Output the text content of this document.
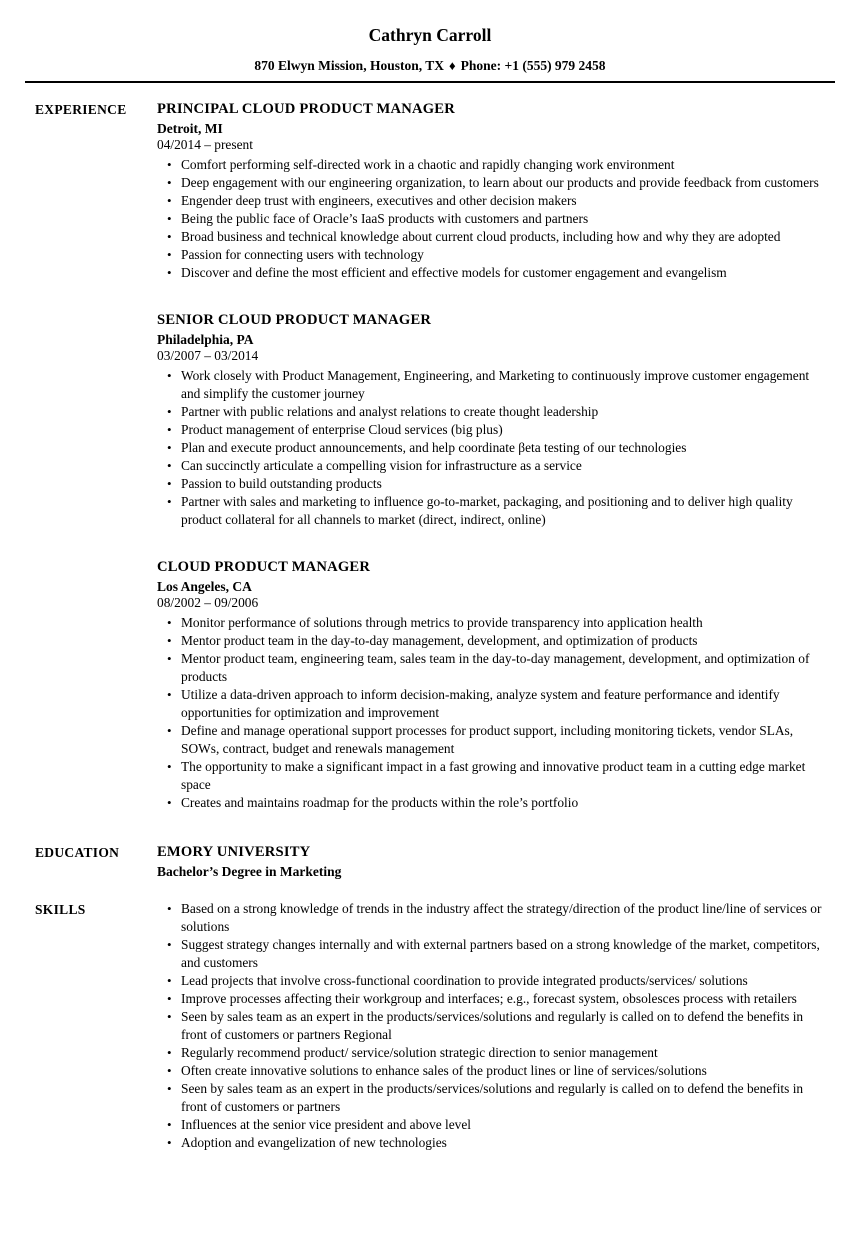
Cathryn Carroll
870 Elwyn Mission, Houston, TX ♦ Phone: +1 (555) 979 2458
EXPERIENCE	PRINCIPAL CLOUD PRODUCT MANAGER
Detroit, MI
04/2014 – present
• Comfort performing self-directed work in a chaotic and rapidly changing work environment
• Deep engagement with our engineering organization, to learn about our products and provide feedback from customers
• Engender deep trust with engineers, executives and other decision makers
• Being the public face of Oracle’s IaaS products with customers and partners
• Broad business and technical knowledge about current cloud products, including how and why they are adopted
• Passion for connecting users with technology
• Discover and define the most efficient and effective models for customer engagement and evangelism
SENIOR CLOUD PRODUCT MANAGER
Philadelphia, PA
03/2007 – 03/2014
• Work closely with Product Management, Engineering, and Marketing to continuously improve customer engagement and simplify the customer journey
• Partner with public relations and analyst relations to create thought leadership
• Product management of enterprise Cloud services (big plus)
• Plan and execute product announcements, and help coordinate βeta testing of our technologies
• Can succinctly articulate a compelling vision for infrastructure as a service
• Passion to build outstanding products
• Partner with sales and marketing to influence go-to-market, packaging, and positioning and to deliver high quality product collateral for all channels to market (direct, indirect, online)
CLOUD PRODUCT MANAGER
Los Angeles, CA
08/2002 – 09/2006
• Monitor performance of solutions through metrics to provide transparency into application health
• Mentor product team in the day-to-day management, development, and optimization of products
• Mentor product team, engineering team, sales team in the day-to-day management, development, and optimization of products
• Utilize a data-driven approach to inform decision-making, analyze system and feature performance and identify opportunities for optimization and improvement
• Define and manage operational support processes for product support, including monitoring tickets, vendor SLAs, SOWs, contract, budget and renewals management
• The opportunity to make a significant impact in a fast growing and innovative product team in a cutting edge market space
• Creates and maintains roadmap for the products within the role’s portfolio
EDUCATION	EMORY UNIVERSITY
Bachelor’s Degree in Marketing
SKILLS	• Based on a strong knowledge of trends in the industry affect the strategy/direction of the product line/line of services or solutions
• Suggest strategy changes internally and with external partners based on a strong knowledge of the market, competitors, and customers
• Lead projects that involve cross-functional coordination to provide integrated products/services/ solutions
• Improve processes affecting their workgroup and interfaces; e.g., forecast system, obsolesces process with retailers
• Seen by sales team as an expert in the products/services/solutions and regularly is called on to defend the benefits in front of customers or partners Regional
• Regularly recommend product/ service/solution strategic direction to senior management
• Often create innovative solutions to enhance sales of the product lines or line of services/solutions
• Seen by sales team as an expert in the products/services/solutions and regularly is called on to defend the benefits in front of customers or partners
• Influences at the senior vice president and above level
• Adoption and evangelization of new technologies
